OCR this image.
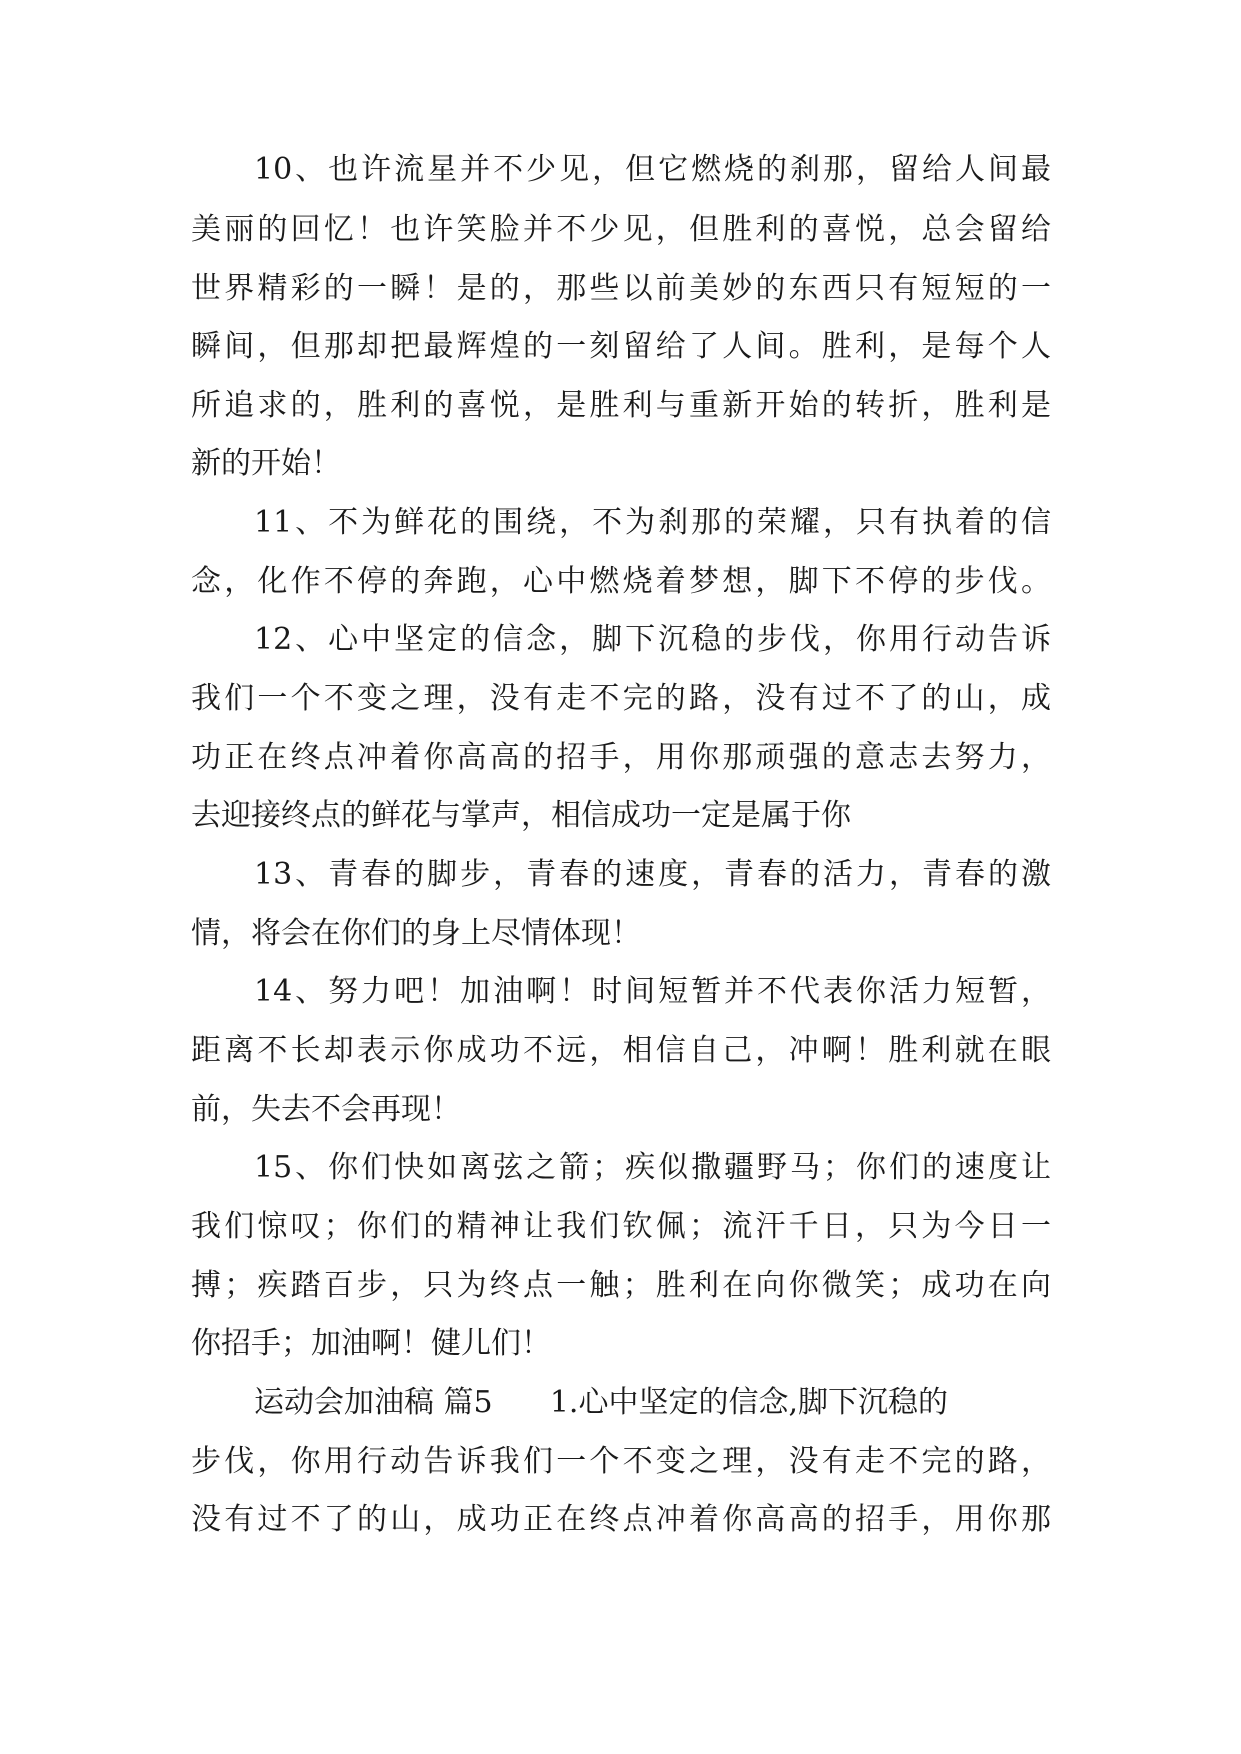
10、也许流星并不少见，但它燃烧的刹那，留给人间最
美丽的回忆！也许笑脸并不少见，但胜利的喜悦，总会留给
世界精彩的一瞬！是的，那些以前美妙的东西只有短短的一
瞬间，但那却把最辉煌的一刻留给了人间。胜利，是每个人
所追求的，胜利的喜悦，是胜利与重新开始的转折，胜利是
新的开始！
11、不为鲜花的围绕，不为刹那的荣耀，只有执着的信
念，化作不停的奔跑，心中燃烧着梦想，脚下不停的步伐。
12、心中坚定的信念，脚下沉稳的步伐，你用行动告诉
我们一个不变之理，没有走不完的路，没有过不了的山，成
功正在终点冲着你高高的招手，用你那顽强的意志去努力，
去迎接终点的鲜花与掌声，相信成功一定是属于你
13、青春的脚步，青春的速度，青春的活力，青春的激
情，将会在你们的身上尽情体现！
14、努力吧！加油啊！时间短暂并不代表你活力短暂，
距离不长却表示你成功不远，相信自己，冲啊！胜利就在眼
前，失去不会再现！
15、你们快如离弦之箭；疾似撒疆野马；你们的速度让
我们惊叹；你们的精神让我们钦佩；流汗千日，只为今日一
搏；疾踏百步，只为终点一触；胜利在向你微笑；成功在向
你招手；加油啊！健儿们！
运动会加油稿 篇5      1.心中坚定的信念,脚下沉稳的
步伐，你用行动告诉我们一个不变之理，没有走不完的路，
没有过不了的山，成功正在终点冲着你高高的招手，用你那
